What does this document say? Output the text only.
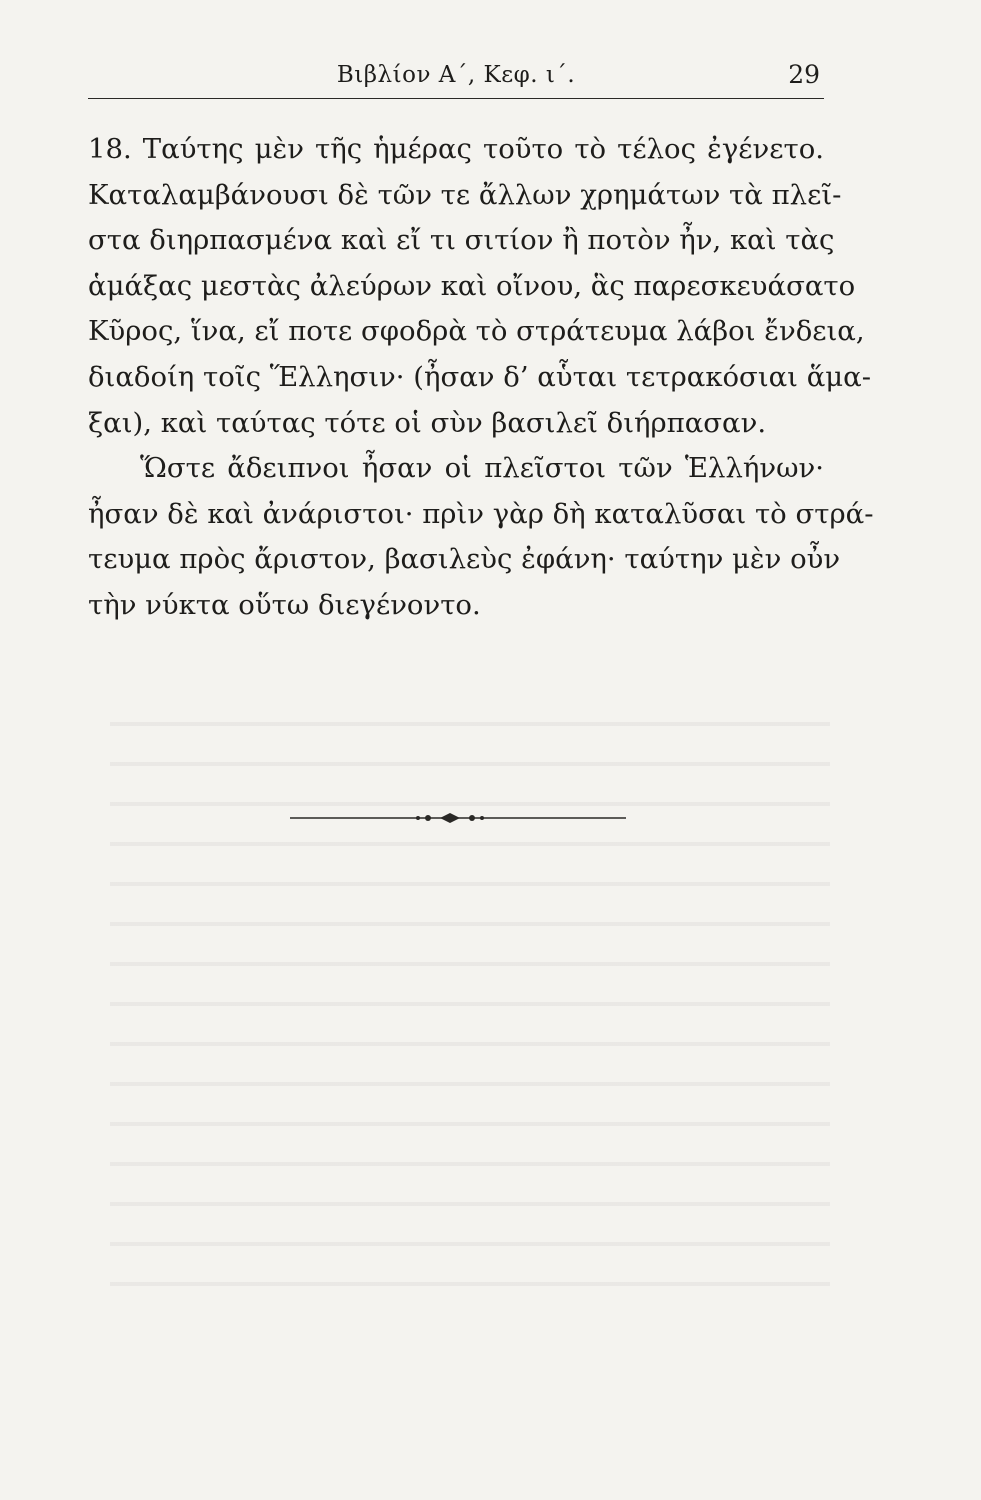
Βιβλίον Α΄, Κεφ. ι΄.	29
18. Ταύτης μὲν τῆς ἡμέρας τοῦτο τὸ τέλος ἐγένετο.
Καταλαμβάνουσι δὲ τῶν τε ἄλλων χρημάτων τὰ πλεῖ-
στα διηρπασμένα καὶ εἴ τι σιτίον ἢ ποτὸν ἦν, καὶ τὰς
ἁμάξας μεστὰς ἀλεύρων καὶ οἴνου, ἃς παρεσκευάσατο
Κῦρος, ἵνα, εἴ ποτε σφοδρὰ τὸ στράτευμα λάβοι ἔνδεια,
διαδοίη τοῖς Ἕλλησιν· (ἦσαν δ’ αὗται τετρακόσιαι ἅμα-
ξαι), καὶ ταύτας τότε οἱ σὺν βασιλεῖ διήρπασαν.
Ὥστε ἄδειπνοι ἦσαν οἱ πλεῖστοι τῶν Ἑλλήνων·
ἦσαν δὲ καὶ ἀνάριστοι· πρὶν γὰρ δὴ καταλῦσαι τὸ στρά-
τευμα πρὸς ἄριστον, βασιλεὺς ἐφάνη· ταύτην μὲν οὖν
τὴν νύκτα οὕτω διεγένοντο.
